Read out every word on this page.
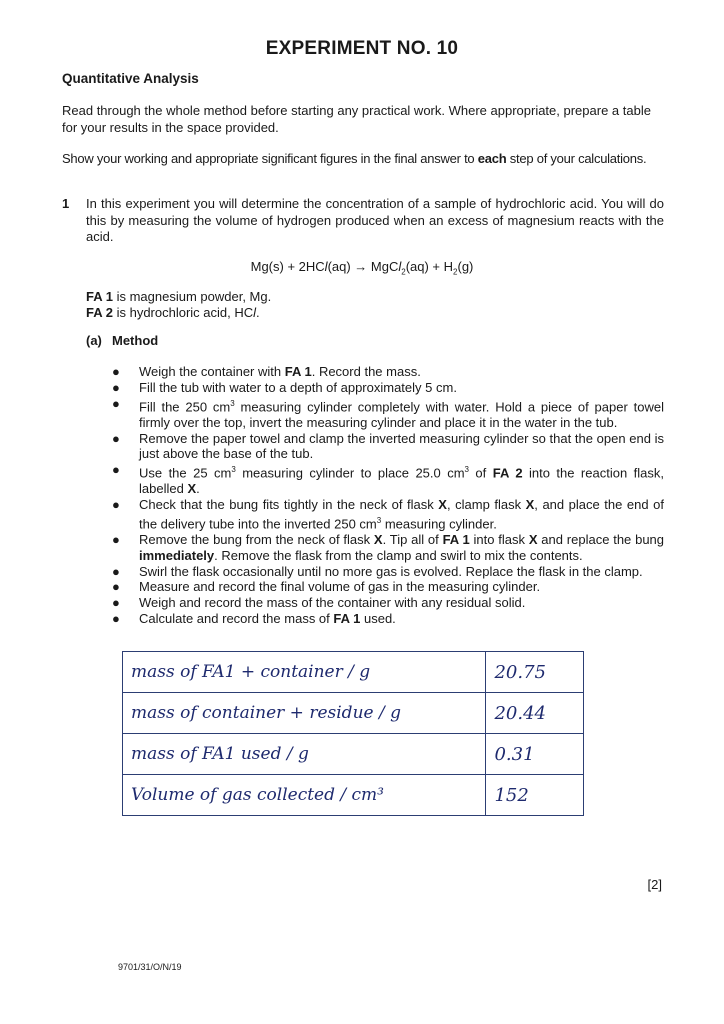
EXPERIMENT NO. 10
Quantitative Analysis
Read through the whole method before starting any practical work. Where appropriate, prepare a table for your results in the space provided.
Show your working and appropriate significant figures in the final answer to each step of your calculations.
1 In this experiment you will determine the concentration of a sample of hydrochloric acid. You will do this by measuring the volume of hydrogen produced when an excess of magnesium reacts with the acid.
Mg(s) + 2HCl(aq) → MgCl$_2$(aq) + $H_2(g)$
FA 1 is magnesium powder, Mg.
FA 2 is hydrochloric acid, HCl.
(a) Method
● Weigh the container with FA 1. Record the mass.
● Fill the tub with water to a depth of approximately 5 cm.
● Fill the 250 $cm^3$ measuring cylinder completely with water. Hold a piece of paper towel firmly over the top, invert the measuring cylinder and place it in the water in the tub.
● Remove the paper towel and clamp the inverted measuring cylinder so that the open end is just above the base of the tub.
● Use the 25 $cm^3$ measuring cylinder to place 25.0 $cm^3$ of FA 2 into the reaction flask, labelled X.
● Check that the bung fits tightly in the neck of flask X, clamp flask X, and place the end of the delivery tube into the inverted 250 $cm^3$ measuring cylinder.
● Remove the bung from the neck of flask X. Tip all of FA 1 into flask X and replace the bung immediately. Remove the flask from the clamp and swirl to mix the contents.
● Swirl the flask occasionally until no more gas is evolved. Replace the flask in the clamp.
● Measure and record the final volume of gas in the measuring cylinder.
● Weigh and record the mass of the container with any residual solid.
● Calculate and record the mass of FA 1 used.
mass of FA1 + container / g	20.75
mass of container + residue / g	20.44
mass of FA1 used / g	0.31
Volume of gas collected / cm³	152
[2]
9701/31/O/N/19
